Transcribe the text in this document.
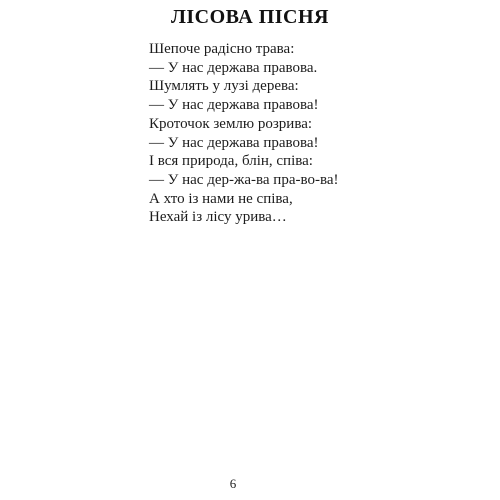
ЛІСОВА ПІСНЯ
Шепоче радісно трава:
— У нас держава правова.
Шумлять у лузі дерева:
— У нас держава правова!
Кроточок землю розрива:
— У нас держава правова!
І вся природа, блін, співа:
— У нас дер-жа-ва пра-во-ва!
А хто із нами не співа,
Нехай із лісу урива…
6
